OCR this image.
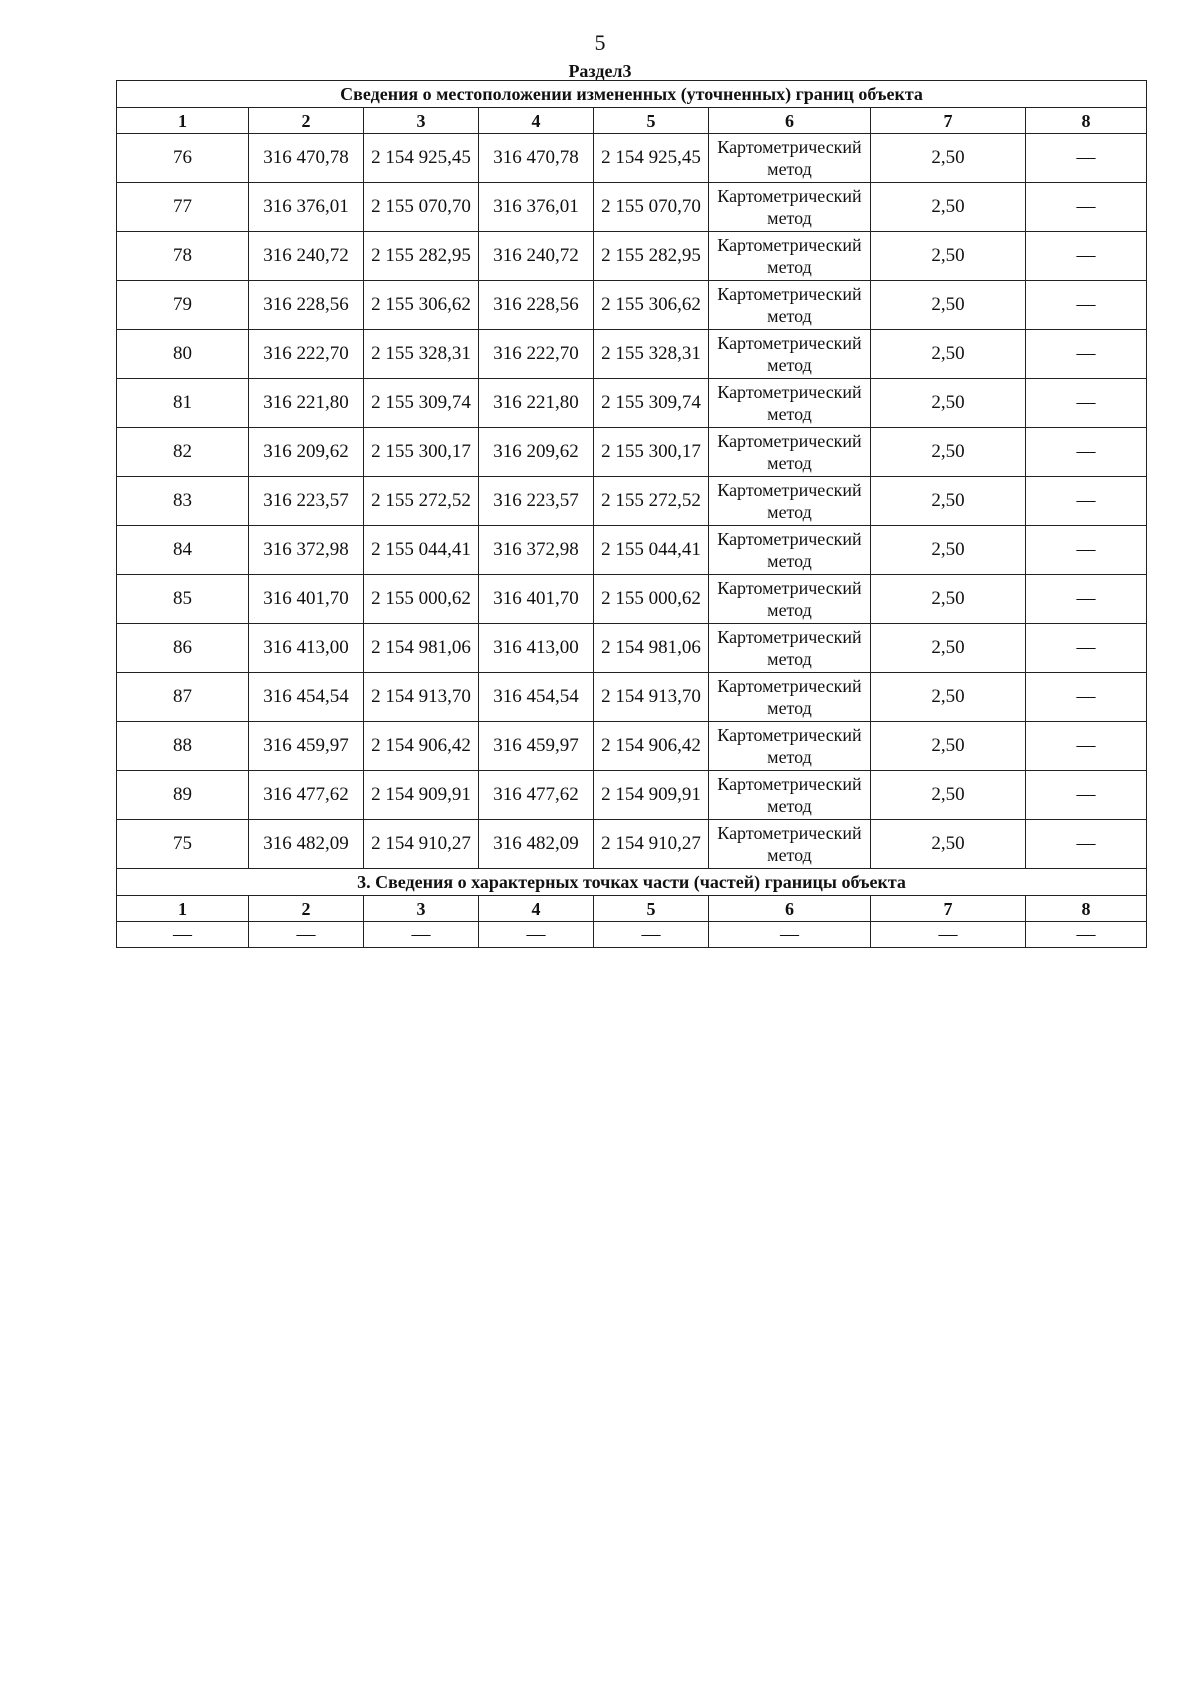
5
Раздел3
Сведения о местоположении измененных (уточненных) границ объекта							
1	2	3	4	5	6	7	8
76	316 470,78	2 154 925,45	316 470,78	2 154 925,45	Картометрический метод	2,50	—
77	316 376,01	2 155 070,70	316 376,01	2 155 070,70	Картометрический метод	2,50	—
78	316 240,72	2 155 282,95	316 240,72	2 155 282,95	Картометрический метод	2,50	—
79	316 228,56	2 155 306,62	316 228,56	2 155 306,62	Картометрический метод	2,50	—
80	316 222,70	2 155 328,31	316 222,70	2 155 328,31	Картометрический метод	2,50	—
81	316 221,80	2 155 309,74	316 221,80	2 155 309,74	Картометрический метод	2,50	—
82	316 209,62	2 155 300,17	316 209,62	2 155 300,17	Картометрический метод	2,50	—
83	316 223,57	2 155 272,52	316 223,57	2 155 272,52	Картометрический метод	2,50	—
84	316 372,98	2 155 044,41	316 372,98	2 155 044,41	Картометрический метод	2,50	—
85	316 401,70	2 155 000,62	316 401,70	2 155 000,62	Картометрический метод	2,50	—
86	316 413,00	2 154 981,06	316 413,00	2 154 981,06	Картометрический метод	2,50	—
87	316 454,54	2 154 913,70	316 454,54	2 154 913,70	Картометрический метод	2,50	—
88	316 459,97	2 154 906,42	316 459,97	2 154 906,42	Картометрический метод	2,50	—
89	316 477,62	2 154 909,91	316 477,62	2 154 909,91	Картометрический метод	2,50	—
75	316 482,09	2 154 910,27	316 482,09	2 154 910,27	Картометрический метод	2,50	—
3. Сведения о характерных точках части (частей) границы объекта							
1	2	3	4	5	6	7	8
—	—	—	—	—	—	—	—
